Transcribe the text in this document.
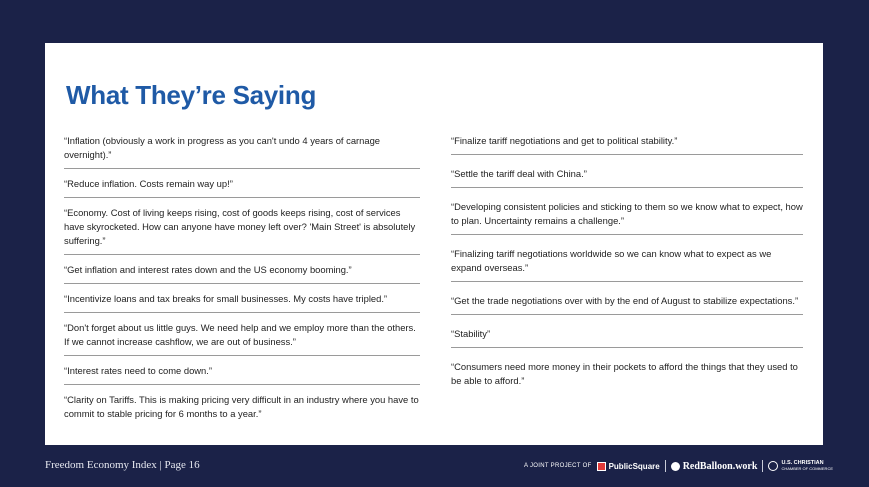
What They’re Saying
“Inflation (obviously a work in progress as you can't undo 4 years of carnage overnight).”
“Reduce inflation. Costs remain way up!”
“Economy. Cost of living keeps rising, cost of goods keeps rising, cost of services have skyrocketed. How can anyone have money left over? 'Main Street' is absolutely suffering.”
“Get inflation and interest rates down and the US economy booming.”
“Incentivize loans and tax breaks for small businesses. My costs have tripled.”
“Don't forget about us little guys. We need help and we employ more than the others. If we cannot increase cashflow, we are out of business.”
“Interest rates need to come down.”
“Clarity on Tariffs. This is making pricing very difficult in an industry where you have to commit to stable pricing for 6 months to a year.”
“Finalize tariff negotiations and get to political stability.”
“Settle the tariff deal with China.”
“Developing consistent policies and sticking to them so we know what to expect, how to plan. Uncertainty remains a challenge.”
“Finalizing tariff negotiations worldwide so we can know what to expect as we expand overseas.”
“Get the trade negotiations over with by the end of August to stabilize expectations.”
“Stability”
“Consumers need more money in their pockets to afford the things that they used to be able to afford.”
Freedom Economy Index | Page 16	A JOINT PROJECT OF PublicSquare RedBalloon.work	U.S. CHRISTIAN
CHAMBER OF COMMERCE
